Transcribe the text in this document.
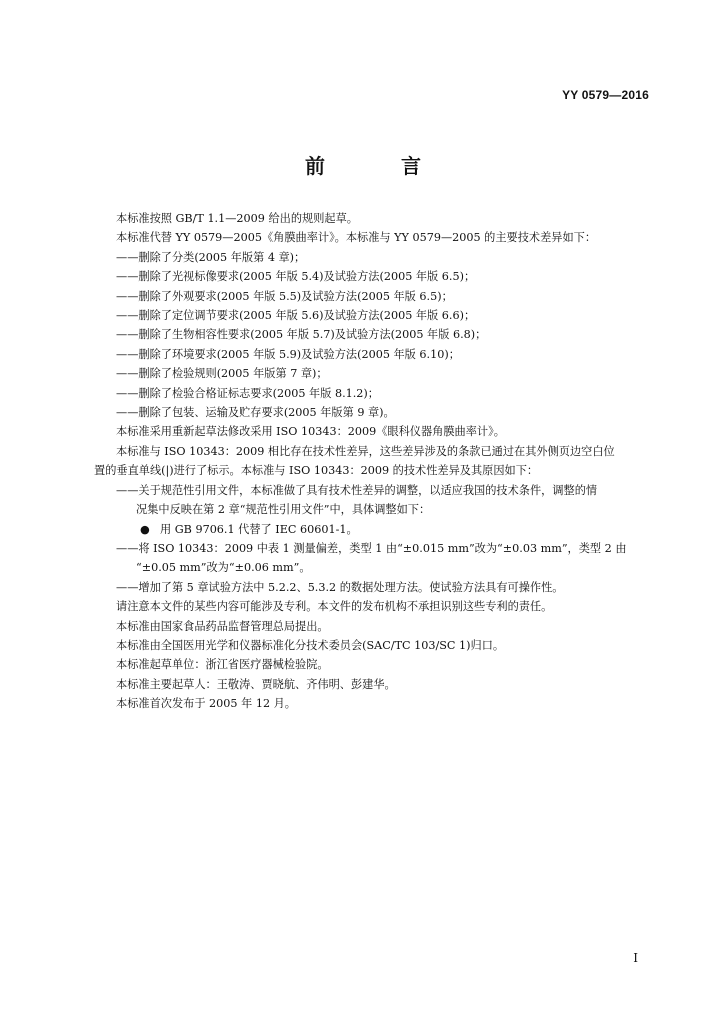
YY 0579—2016
前　言
本标准按照 GB/T 1.1—2009 给出的规则起草。
本标准代替 YY 0579—2005《角膜曲率计》。本标准与 YY 0579—2005 的主要技术差异如下：
——删除了分类(2005 年版第 4 章)；
——删除了光视标像要求(2005 年版 5.4)及试验方法(2005 年版 6.5)；
——删除了外观要求(2005 年版 5.5)及试验方法(2005 年版 6.5)；
——删除了定位调节要求(2005 年版 5.6)及试验方法(2005 年版 6.6)；
——删除了生物相容性要求(2005 年版 5.7)及试验方法(2005 年版 6.8)；
——删除了环境要求(2005 年版 5.9)及试验方法(2005 年版 6.10)；
——删除了检验规则(2005 年版第 7 章)；
——删除了检验合格证标志要求(2005 年版 8.1.2)；
——删除了包装、运输及贮存要求(2005 年版第 9 章)。
本标准采用重新起草法修改采用 ISO 10343：2009《眼科仪器角膜曲率计》。
本标准与 ISO 10343：2009 相比存在技术性差异，这些差异涉及的条款已通过在其外侧页边空白位
置的垂直单线(|)进行了标示。本标准与 ISO 10343：2009 的技术性差异及其原因如下：
——关于规范性引用文件，本标准做了具有技术性差异的调整，以适应我国的技术条件，调整的情
况集中反映在第 2 章“规范性引用文件”中，具体调整如下：
● 用 GB 9706.1 代替了 IEC 60601-1。
——将 ISO 10343：2009 中表 1 测量偏差，类型 1 由“±0.015 mm”改为“±0.03 mm”，类型 2 由
“±0.05 mm”改为“±0.06 mm”。
——增加了第 5 章试验方法中 5.2.2、5.3.2 的数据处理方法。使试验方法具有可操作性。
请注意本文件的某些内容可能涉及专利。本文件的发布机构不承担识别这些专利的责任。
本标准由国家食品药品监督管理总局提出。
本标准由全国医用光学和仪器标准化分技术委员会(SAC/TC 103/SC 1)归口。
本标准起草单位：浙江省医疗器械检验院。
本标准主要起草人：王敬涛、贾晓航、齐伟明、彭建华。
本标准首次发布于 2005 年 12 月。
I
